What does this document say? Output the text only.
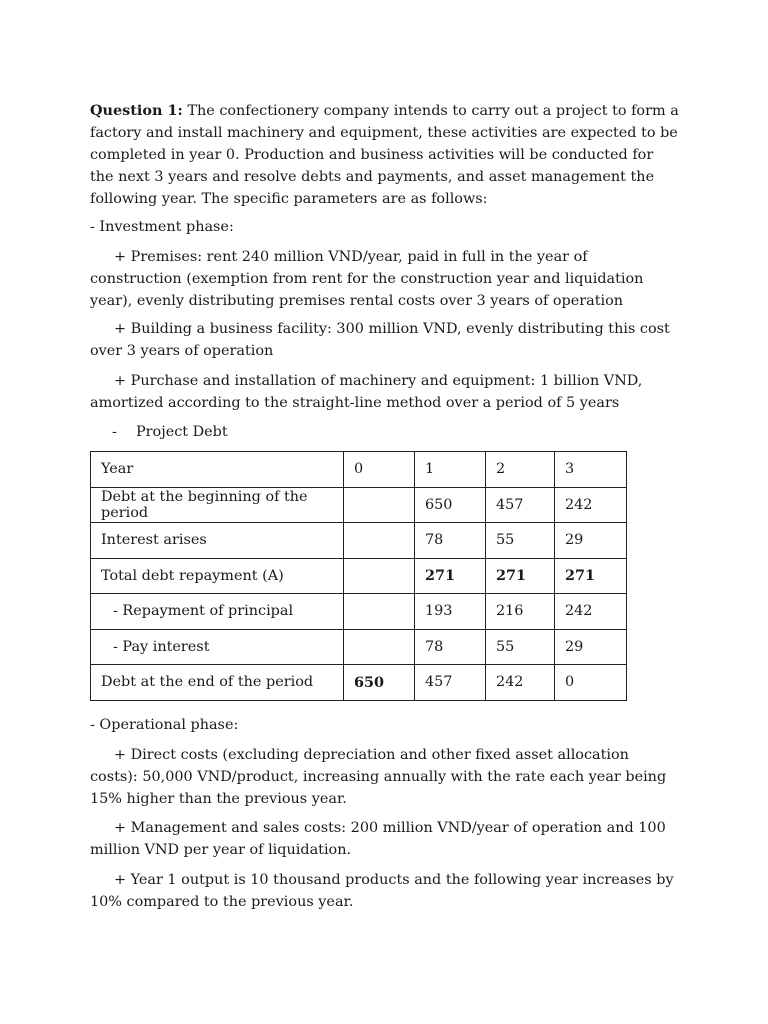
Question 1: The confectionery company intends to carry out a project to form a factory and install machinery and equipment, these activities are expected to be completed in year 0. Production and business activities will be conducted for the next 3 years and resolve debts and payments, and asset management the following year. The specific parameters are as follows:

- Investment phase:

+ Premises: rent 240 million VND/year, paid in full in the year of construction (exemption from rent for the construction year and liquidation year), evenly distributing premises rental costs over 3 years of operation

+ Building a business facility: 300 million VND, evenly distributing this cost over 3 years of operation

+ Purchase and installation of machinery and equipment: 1 billion VND, amortized according to the straight-line method over a period of 5 years

- Project Debt
Year	0	1	2	3
Debt at the beginning of the period		650	457	242
Interest arises		78	55	29
Total debt repayment (A)		271	271	271
- Repayment of principal		193	216	242
- Pay interest		78	55	29
Debt at the end of the period	650	457	242	0

- Operational phase:

+ Direct costs (excluding depreciation and other fixed asset allocation costs): 50,000 VND/product, increasing annually with the rate each year being 15% higher than the previous year.

+ Management and sales costs: 200 million VND/year of operation and 100 million VND per year of liquidation.

+ Year 1 output is 10 thousand products and the following year increases by 10% compared to the previous year.
